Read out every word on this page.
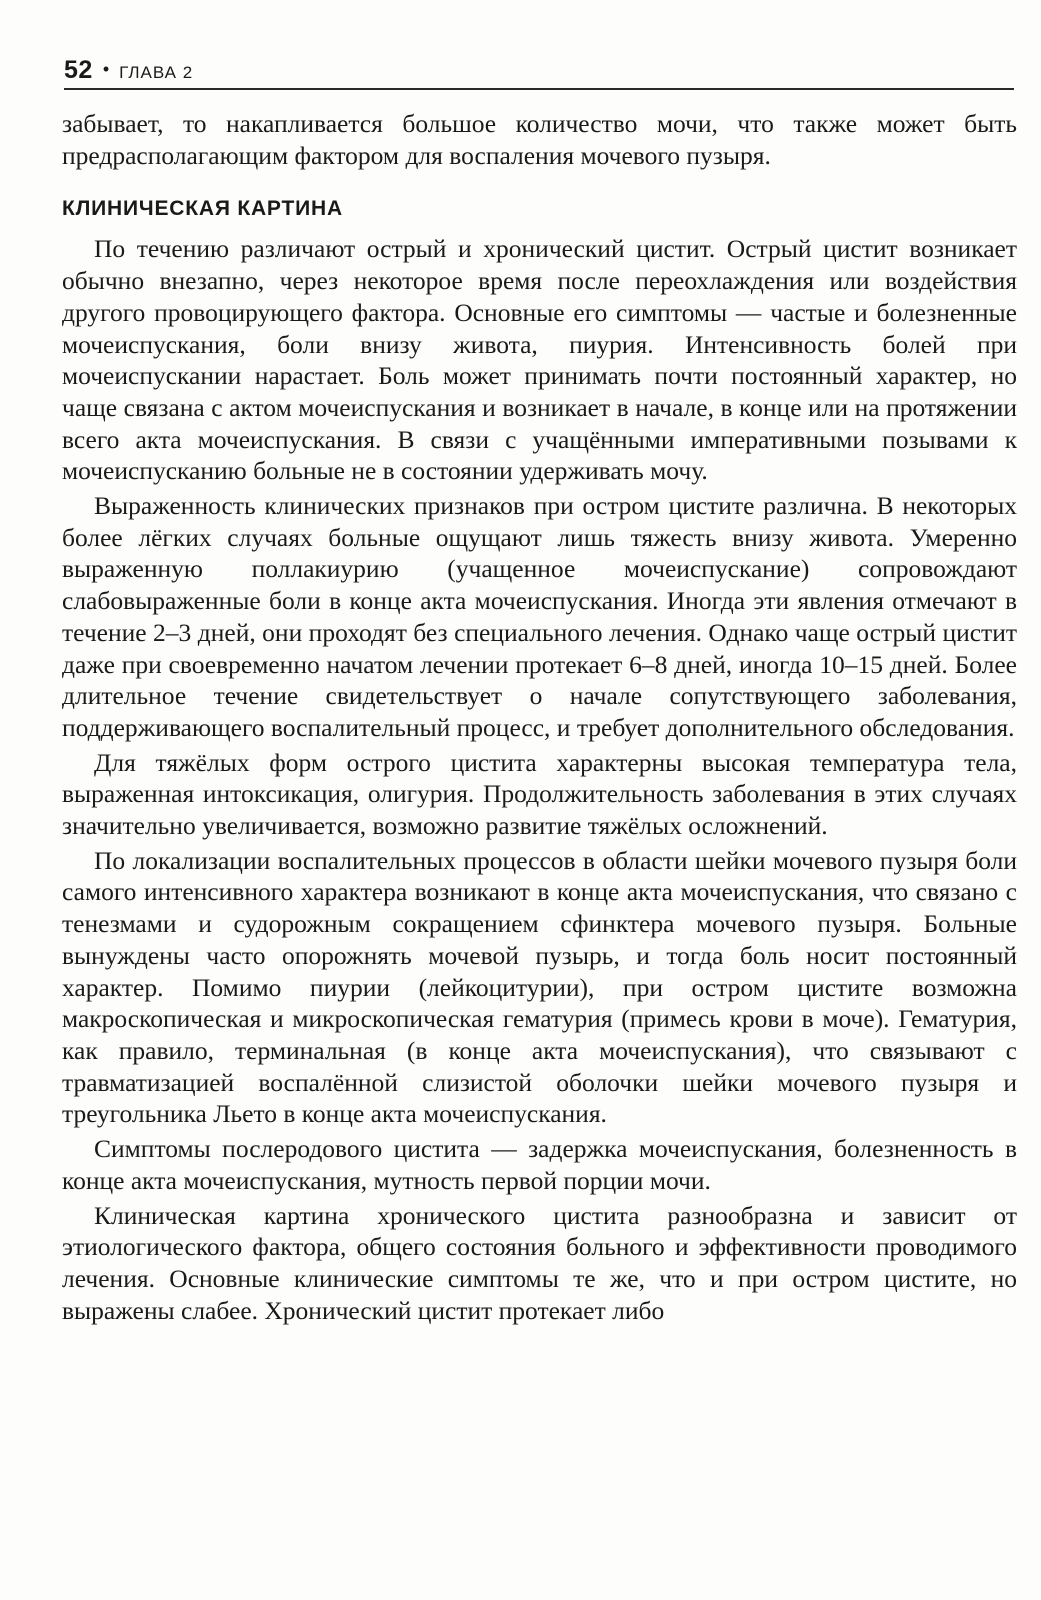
52 • ГЛАВА 2

забывает, то накапливается большое количество мочи, что также может быть предрасполагающим фактором для воспаления мочевого пузыря.

КЛИНИЧЕСКАЯ КАРТИНА

По течению различают острый и хронический цистит. Острый цистит возникает обычно внезапно, через некоторое время после переохлаждения или воздействия другого провоцирующего фактора. Основные его симптомы — частые и болезненные мочеиспускания, боли внизу живота, пиурия. Интенсивность болей при мочеиспускании нарастает. Боль может принимать почти постоянный характер, но чаще связана с актом мочеиспускания и возникает в начале, в конце или на протяжении всего акта мочеиспускания. В связи с учащёнными императивными позывами к мочеиспусканию больные не в состоянии удерживать мочу.

Выраженность клинических признаков при остром цистите различна. В некоторых более лёгких случаях больные ощущают лишь тяжесть внизу живота. Умеренно выраженную поллакиурию (учащенное мочеиспускание) сопровождают слабовыраженные боли в конце акта мочеиспускания. Иногда эти явления отмечают в течение 2–3 дней, они проходят без специального лечения. Однако чаще острый цистит даже при своевременно начатом лечении протекает 6–8 дней, иногда 10–15 дней. Более длительное течение свидетельствует о начале сопутствующего заболевания, поддерживающего воспалительный процесс, и требует дополнительного обследования.

Для тяжёлых форм острого цистита характерны высокая температура тела, выраженная интоксикация, олигурия. Продолжительность заболевания в этих случаях значительно увеличивается, возможно развитие тяжёлых осложнений.

По локализации воспалительных процессов в области шейки мочевого пузыря боли самого интенсивного характера возникают в конце акта мочеиспускания, что связано с тенезмами и судорожным сокращением сфинктера мочевого пузыря. Больные вынуждены часто опорожнять мочевой пузырь, и тогда боль носит постоянный характер. Помимо пиурии (лейкоцитурии), при остром цистите возможна макроскопическая и микроскопическая гематурия (примесь крови в моче). Гематурия, как правило, терминальная (в конце акта мочеиспускания), что связывают с травматизацией воспалённой слизистой оболочки шейки мочевого пузыря и треугольника Льето в конце акта мочеиспускания.

Симптомы послеродового цистита — задержка мочеиспускания, болезненность в конце акта мочеиспускания, мутность первой порции мочи.

Клиническая картина хронического цистита разнообразна и зависит от этиологического фактора, общего состояния больного и эффективности проводимого лечения. Основные клинические симптомы те же, что и при остром цистите, но выражены слабее. Хронический цистит протекает либо
